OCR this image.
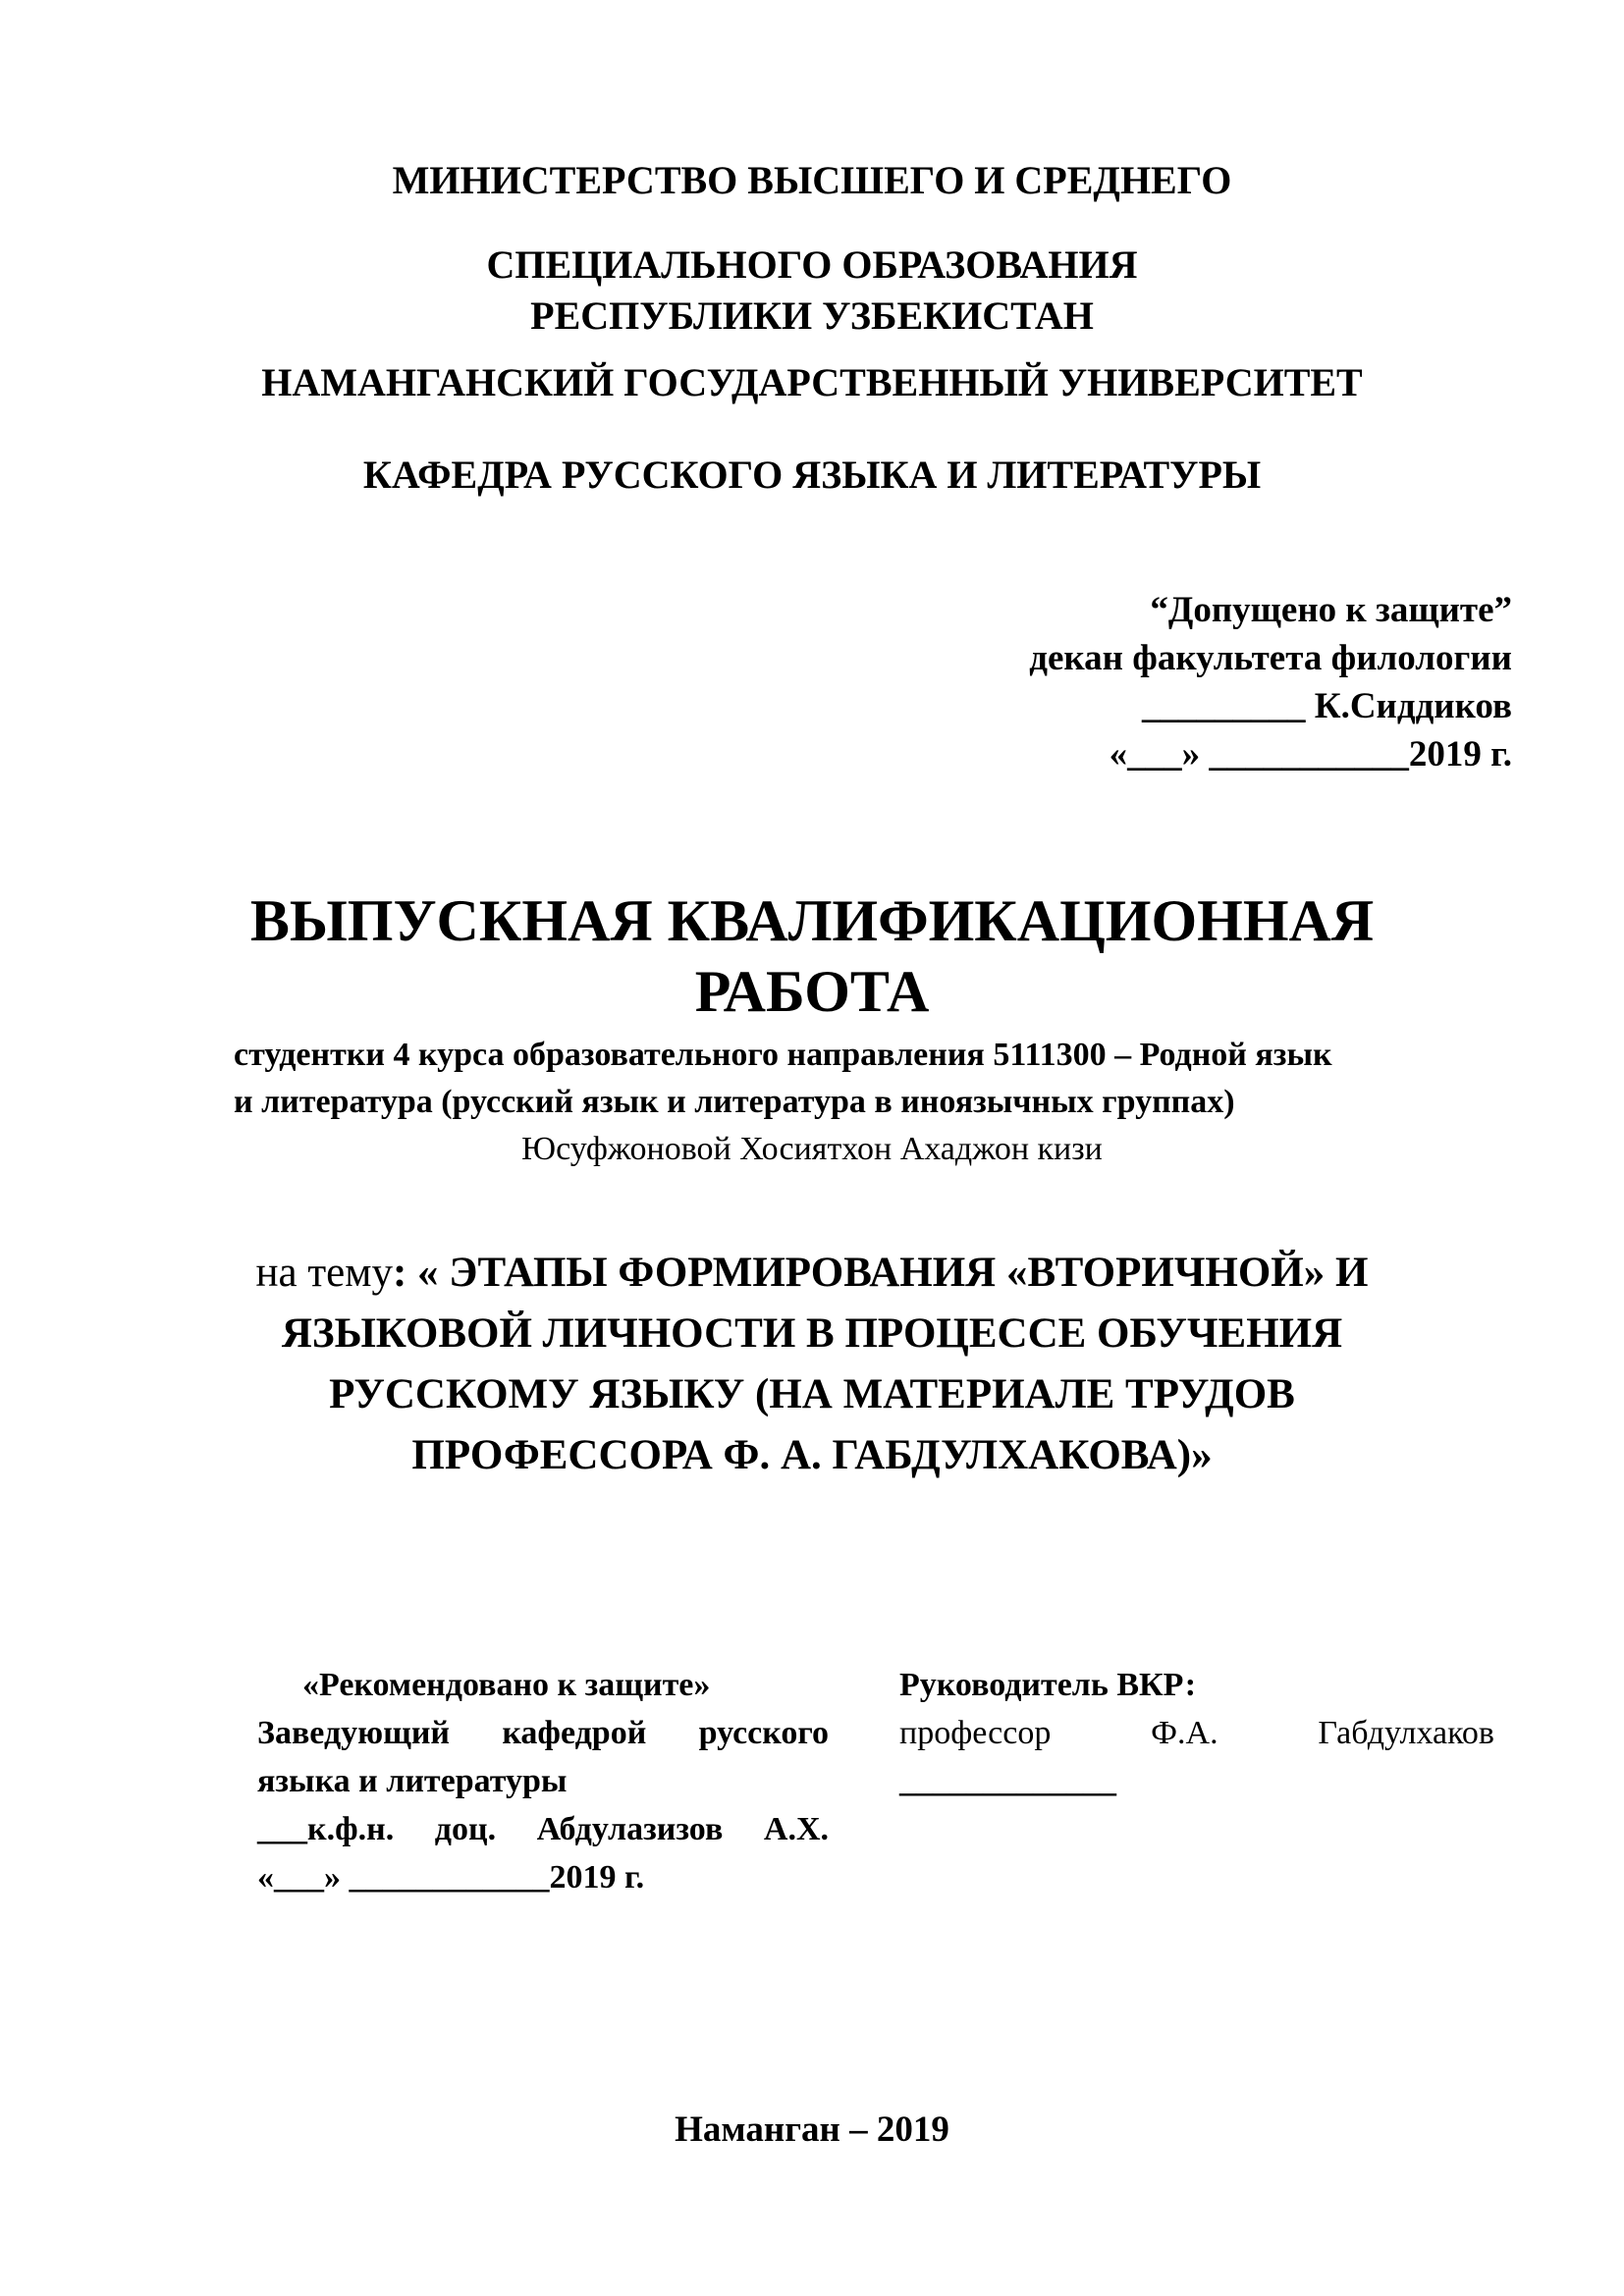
МИНИСТЕРСТВО ВЫСШЕГО И СРЕДНЕГО
СПЕЦИАЛЬНОГО ОБРАЗОВАНИЯ
РЕСПУБЛИКИ УЗБЕКИСТАН
НАМАНГАНСКИЙ ГОСУДАРСТВЕННЫЙ УНИВЕРСИТЕТ
КАФЕДРА РУССКОГО ЯЗЫКА И ЛИТЕРАТУРЫ
“Допущено к защите”
декан факультета филологии
_________ К.Сиддиков
«___» ___________2019 г.
ВЫПУСКНАЯ КВАЛИФИКАЦИОННАЯ
РАБОТА
студентки 4 курса образовательного направления 5111300 – Родной язык
и литература (русский язык и литература в иноязычных группах)
Юсуфжоновой Хосиятхон Ахаджон кизи
на тему: « ЭТАПЫ ФОРМИРОВАНИЯ «ВТОРИЧНОЙ» И
ЯЗЫКОВОЙ ЛИЧНОСТИ В ПРОЦЕССЕ ОБУЧЕНИЯ
РУССКОМУ ЯЗЫКУ (НА МАТЕРИАЛЕ ТРУДОВ
ПРОФЕССОРА Ф. А. ГАБДУЛХАКОВА)»
«Рекомендовано к защите»
Заведующий кафедрой русского
языка и литературы
___к.ф.н. доц. Абдулазизов А.Х.
«___» ____________2019 г.
Руководитель ВКР:
профессор	Ф.А.	Габдулхаков
_____________
Наманган – 2019
